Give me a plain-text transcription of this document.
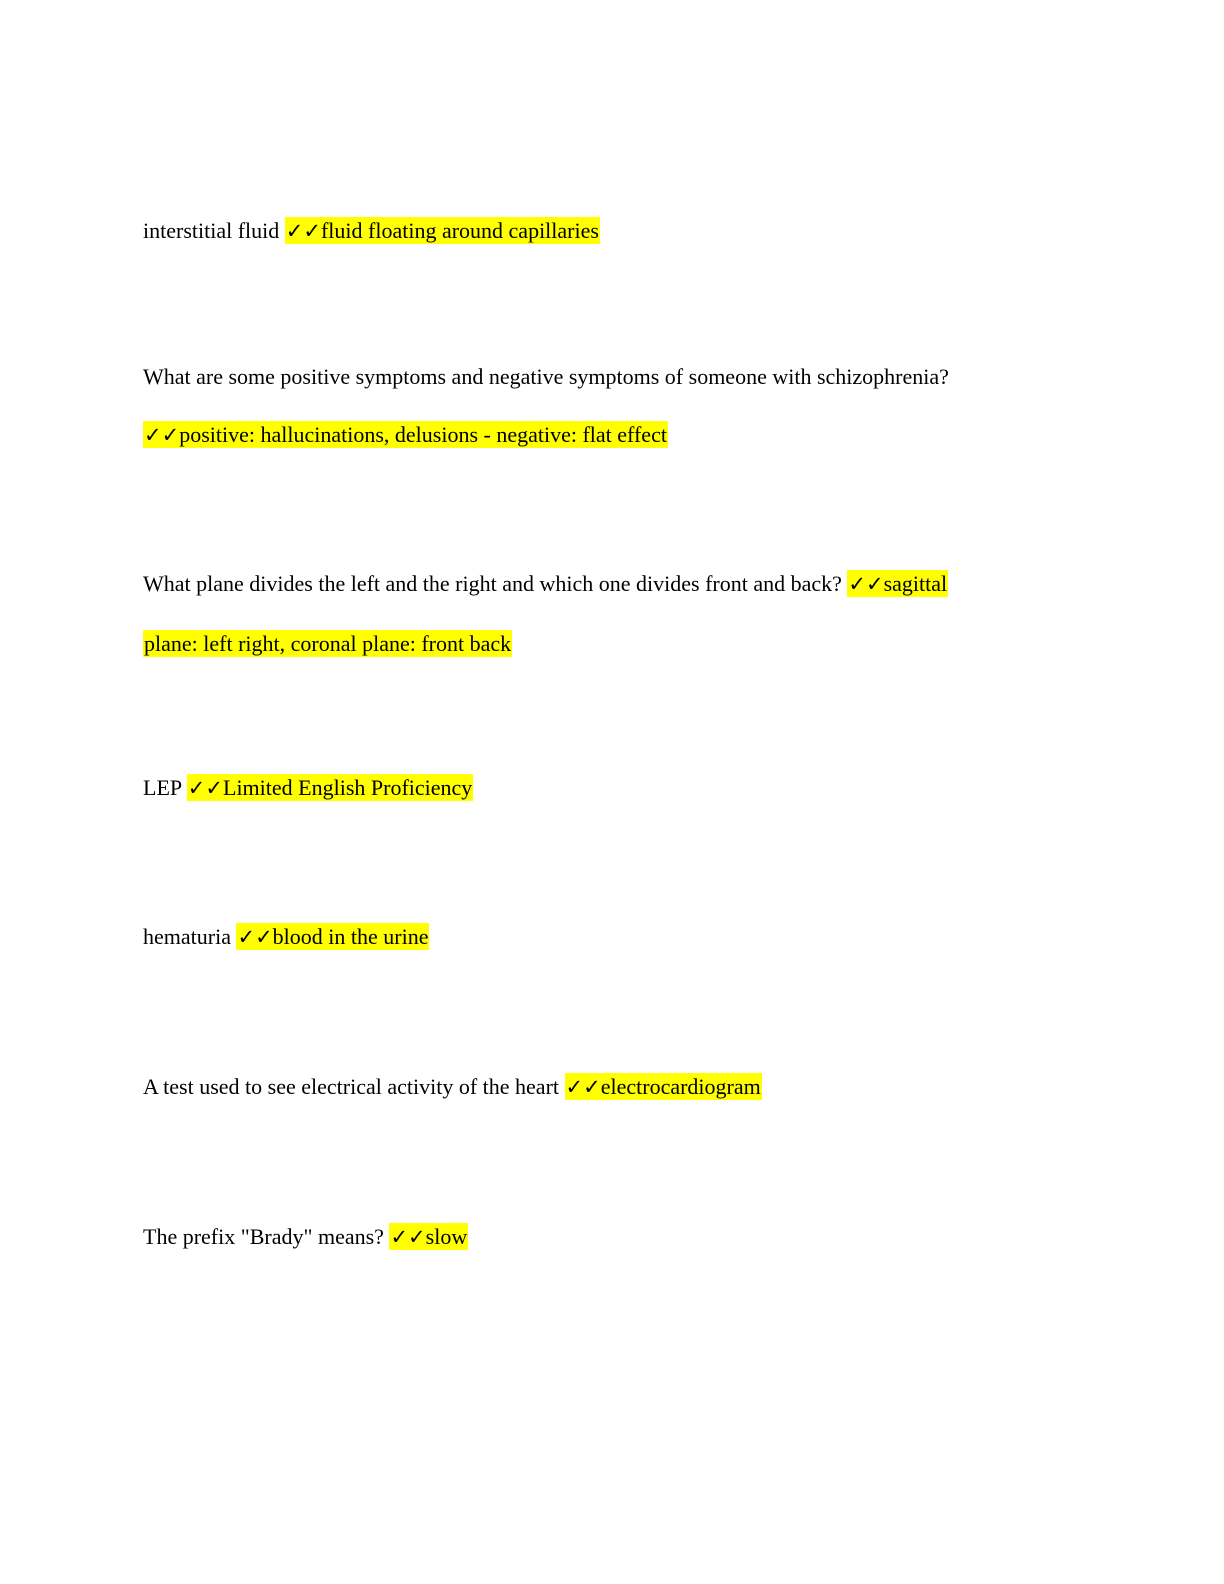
interstitial fluid ✓✓fluid floating around capillaries
What are some positive symptoms and negative symptoms of someone with schizophrenia?
✓✓positive: hallucinations, delusions - negative: flat effect
What plane divides the left and the right and which one divides front and back? ✓✓sagittal
plane: left right, coronal plane: front back
LEP ✓✓Limited English Proficiency
hematuria ✓✓blood in the urine
A test used to see electrical activity of the heart ✓✓electrocardiogram
The prefix "Brady" means? ✓✓slow
